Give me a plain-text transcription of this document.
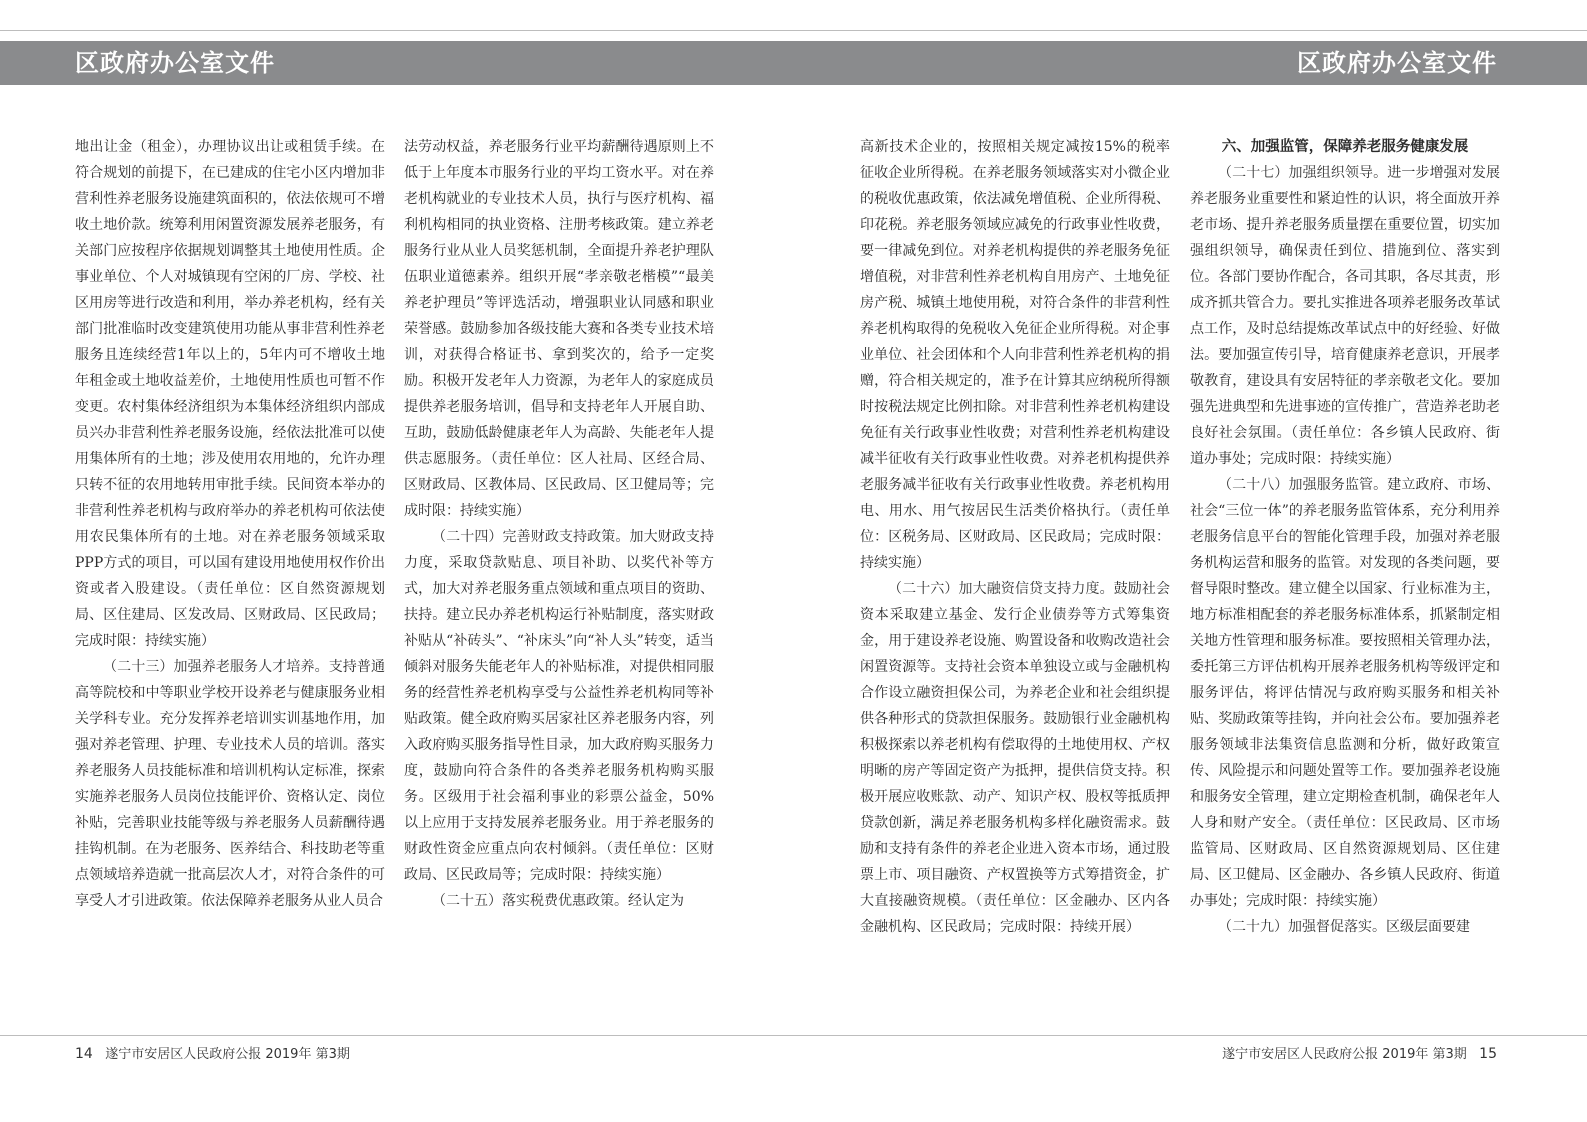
区政府办公室文件	区政府办公室文件

地出让金（租金），办理协议出让或租赁手续。在符合规划的前提下，在已建成的住宅小区内增加非营利性养老服务设施建筑面积的，依法依规可不增收土地价款。统筹利用闲置资源发展养老服务，有关部门应按程序依据规划调整其土地使用性质。企事业单位、个人对城镇现有空闲的厂房、学校、社区用房等进行改造和利用，举办养老机构，经有关部门批准临时改变建筑使用功能从事非营利性养老服务且连续经营1年以上的，5年内可不增收土地年租金或土地收益差价，土地使用性质也可暂不作变更。农村集体经济组织为本集体经济组织内部成员兴办非营利性养老服务设施，经依法批准可以使用集体所有的土地；涉及使用农用地的，允许办理只转不征的农用地转用审批手续。民间资本举办的非营利性养老机构与政府举办的养老机构可依法使用农民集体所有的土地。对在养老服务领域采取PPP方式的项目，可以国有建设用地使用权作价出资或者入股建设。（责任单位：区自然资源规划局、区住建局、区发改局、区财政局、区民政局；完成时限：持续实施）

（二十三）加强养老服务人才培养。支持普通高等院校和中等职业学校开设养老与健康服务业相关学科专业。充分发挥养老培训实训基地作用，加强对养老管理、护理、专业技术人员的培训。落实养老服务人员技能标准和培训机构认定标准，探索实施养老服务人员岗位技能评价、资格认定、岗位补贴，完善职业技能等级与养老服务人员薪酬待遇挂钩机制。在为老服务、医养结合、科技助老等重点领域培养造就一批高层次人才，对符合条件的可享受人才引进政策。依法保障养老服务从业人员合

法劳动权益，养老服务行业平均薪酬待遇原则上不低于上年度本市服务行业的平均工资水平。对在养老机构就业的专业技术人员，执行与医疗机构、福利机构相同的执业资格、注册考核政策。建立养老服务行业从业人员奖惩机制，全面提升养老护理队伍职业道德素养。组织开展“孝亲敬老楷模”“最美养老护理员”等评选活动，增强职业认同感和职业荣誉感。鼓励参加各级技能大赛和各类专业技术培训，对获得合格证书、拿到奖次的，给予一定奖励。积极开发老年人力资源，为老年人的家庭成员提供养老服务培训，倡导和支持老年人开展自助、互助，鼓励低龄健康老年人为高龄、失能老年人提供志愿服务。（责任单位：区人社局、区经合局、区财政局、区教体局、区民政局、区卫健局等；完成时限：持续实施）

（二十四）完善财政支持政策。加大财政支持力度，采取贷款贴息、项目补助、以奖代补等方式，加大对养老服务重点领域和重点项目的资助、扶持。建立民办养老机构运行补贴制度，落实财政补贴从“补砖头”、“补床头”向“补人头”转变，适当倾斜对服务失能老年人的补贴标准，对提供相同服务的经营性养老机构享受与公益性养老机构同等补贴政策。健全政府购买居家社区养老服务内容，列入政府购买服务指导性目录，加大政府购买服务力度，鼓励向符合条件的各类养老服务机构购买服务。区级用于社会福利事业的彩票公益金，50%以上应用于支持发展养老服务业。用于养老服务的财政性资金应重点向农村倾斜。（责任单位：区财政局、区民政局等；完成时限：持续实施）

（二十五）落实税费优惠政策。经认定为

高新技术企业的，按照相关规定减按15%的税率征收企业所得税。在养老服务领域落实对小微企业的税收优惠政策，依法减免增值税、企业所得税、印花税。养老服务领域应减免的行政事业性收费，要一律减免到位。对养老机构提供的养老服务免征增值税，对非营利性养老机构自用房产、土地免征房产税、城镇土地使用税，对符合条件的非营利性养老机构取得的免税收入免征企业所得税。对企事业单位、社会团体和个人向非营利性养老机构的捐赠，符合相关规定的，准予在计算其应纳税所得额时按税法规定比例扣除。对非营利性养老机构建设免征有关行政事业性收费；对营利性养老机构建设减半征收有关行政事业性收费。对养老机构提供养老服务减半征收有关行政事业性收费。养老机构用电、用水、用气按居民生活类价格执行。（责任单位：区税务局、区财政局、区民政局；完成时限：持续实施）

（二十六）加大融资信贷支持力度。鼓励社会资本采取建立基金、发行企业债券等方式筹集资金，用于建设养老设施、购置设备和收购改造社会闲置资源等。支持社会资本单独设立或与金融机构合作设立融资担保公司，为养老企业和社会组织提供各种形式的贷款担保服务。鼓励银行业金融机构积极探索以养老机构有偿取得的土地使用权、产权明晰的房产等固定资产为抵押，提供信贷支持。积极开展应收账款、动产、知识产权、股权等抵质押贷款创新，满足养老服务机构多样化融资需求。鼓励和支持有条件的养老企业进入资本市场，通过股票上市、项目融资、产权置换等方式筹措资金，扩大直接融资规模。（责任单位：区金融办、区内各金融机构、区民政局；完成时限：持续开展）

六、加强监管，保障养老服务健康发展

（二十七）加强组织领导。进一步增强对发展养老服务业重要性和紧迫性的认识，将全面放开养老市场、提升养老服务质量摆在重要位置，切实加强组织领导，确保责任到位、措施到位、落实到位。各部门要协作配合，各司其职，各尽其责，形成齐抓共管合力。要扎实推进各项养老服务改革试点工作，及时总结提炼改革试点中的好经验、好做法。要加强宣传引导，培育健康养老意识，开展孝敬教育，建设具有安居特征的孝亲敬老文化。要加强先进典型和先进事迹的宣传推广，营造养老助老良好社会氛围。（责任单位：各乡镇人民政府、街道办事处；完成时限：持续实施）

（二十八）加强服务监管。建立政府、市场、社会“三位一体”的养老服务监管体系，充分利用养老服务信息平台的智能化管理手段，加强对养老服务机构运营和服务的监管。对发现的各类问题，要督导限时整改。建立健全以国家、行业标准为主，地方标准相配套的养老服务标准体系，抓紧制定相关地方性管理和服务标准。要按照相关管理办法，委托第三方评估机构开展养老服务机构等级评定和服务评估，将评估情况与政府购买服务和相关补贴、奖励政策等挂钩，并向社会公布。要加强养老服务领域非法集资信息监测和分析，做好政策宣传、风险提示和问题处置等工作。要加强养老设施和服务安全管理，建立定期检查机制，确保老年人人身和财产安全。（责任单位：区民政局、区市场监管局、区财政局、区自然资源规划局、区住建局、区卫健局、区金融办、各乡镇人民政府、街道办事处；完成时限：持续实施）

（二十九）加强督促落实。区级层面要建

14 遂宁市安居区人民政府公报 2019年 第3期	遂宁市安居区人民政府公报 2019年 第3期 15
